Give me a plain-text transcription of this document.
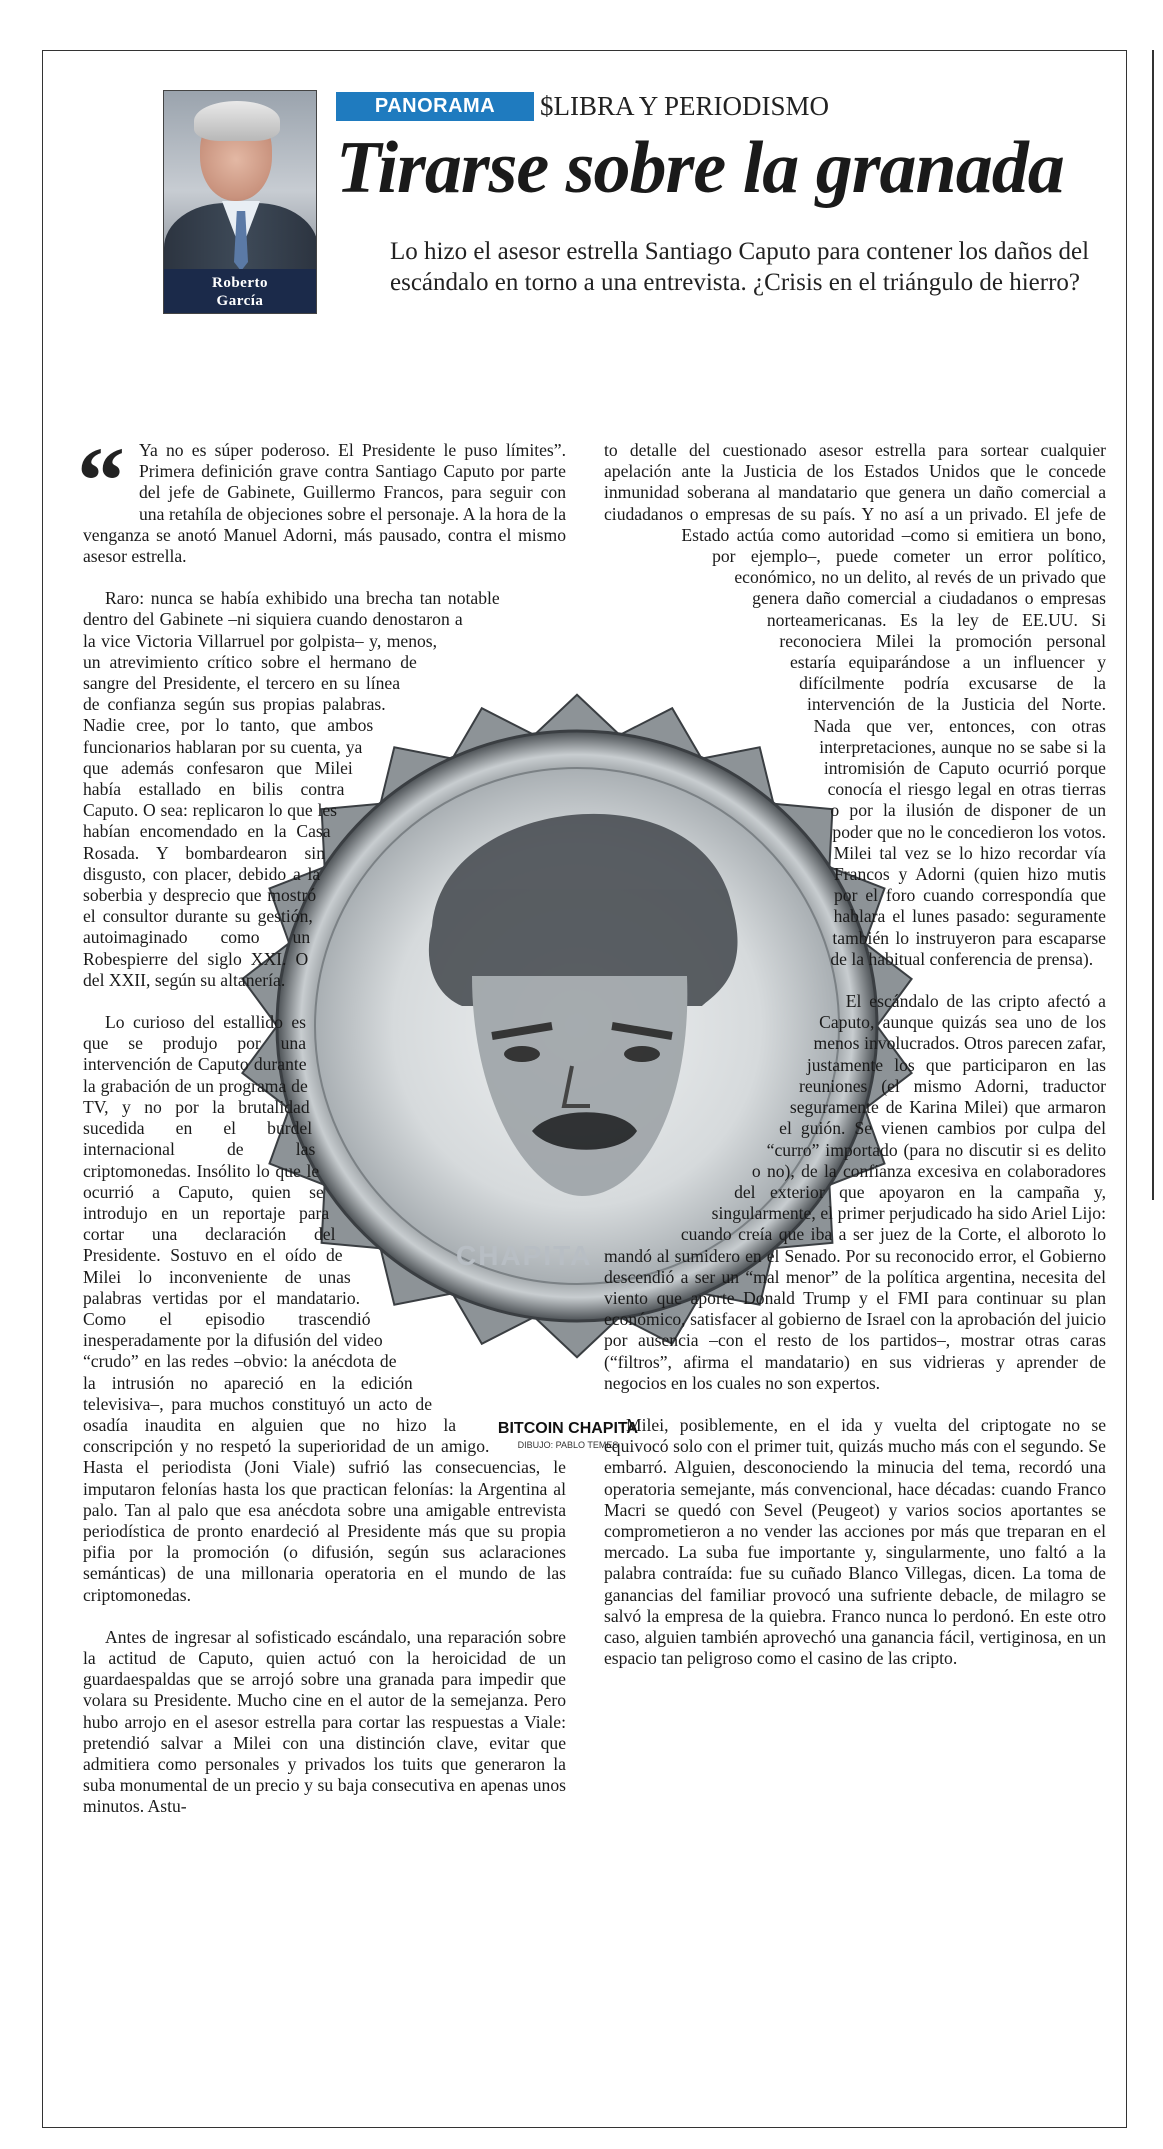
Roberto
García
PANORAMA	$LIBRA Y PERIODISMO
Tirarse sobre la granada

Lo hizo el asesor estrella Santiago Caputo para contener los daños del escándalo en torno a una entrevista. ¿Crisis en el triángulo de hierro?

CHAPITA
BITCOIN CHAPITA
DIBUJO: PABLO TEMES

“ Ya no es súper poderoso. El Presidente le puso límites”. Primera definición grave contra Santiago Caputo por parte del jefe de Gabinete, Guillermo Francos, para seguir con una retahíla de objeciones sobre el personaje. A la hora de la venganza se anotó Manuel Adorni, más pausado, contra el mismo asesor estrella.

Raro: nunca se había exhibido una brecha tan notable dentro del Gabinete –ni siquiera cuando denostaron a la vice Victoria Villarruel por golpista– y, menos, un atrevimiento crítico sobre el hermano de sangre del Presidente, el tercero en su línea de confianza según sus propias palabras. Nadie cree, por lo tanto, que ambos funcionarios hablaran por su cuenta, ya que además confesaron que Milei había estallado en bilis contra Caputo. O sea: replicaron lo que les habían encomendado en la Casa Rosada. Y bombardearon sin disgusto, con placer, debido a la soberbia y desprecio que mostró el consultor durante su gestión, autoimaginado como un Robespierre del siglo XXI. O del XXII, según su altanería.

Lo curioso del estallido es que se produjo por una intervención de Caputo durante la grabación de un programa de TV, y no por la brutalidad sucedida en el burdel internacional de las criptomonedas. Insólito lo que le ocurrió a Caputo, quien se introdujo en un reportaje para cortar una declaración del Presidente. Sostuvo en el oído de Milei lo inconveniente de unas palabras vertidas por el mandatario. Como el episodio trascendió inesperadamente por la difusión del video “crudo” en las redes –obvio: la anécdota de la intrusión no apareció en la edición televisiva–, para muchos constituyó un acto de osadía inaudita en alguien que no hizo la conscripción y no respetó la superioridad de un amigo. Hasta el periodista (Joni Viale) sufrió las consecuencias, le imputaron felonías hasta los que practican felonías: la Argentina al palo. Tan al palo que esa anécdota sobre una amigable entrevista periodística de pronto enardeció al Presidente más que su propia pifia por la promoción (o difusión, según sus aclaraciones semánticas) de una millonaria operatoria en el mundo de las criptomonedas.

Antes de ingresar al sofisticado escándalo, una reparación sobre la actitud de Caputo, quien actuó con la heroicidad de un guardaespaldas que se arrojó sobre una granada para impedir que volara su Presidente. Mucho cine en el autor de la semejanza. Pero hubo arrojo en el asesor estrella para cortar las respuestas a Viale: pretendió salvar a Milei con una distinción clave, evitar que admitiera como personales y privados los tuits que generaron la suba monumental de un precio y su baja consecutiva en apenas unos minutos. Astu-

to detalle del cuestionado asesor estrella para sortear cualquier apelación ante la Justicia de los Estados Unidos que le concede inmunidad soberana al mandatario que genera un daño comercial a ciudadanos o empresas de su país. Y no así a un privado. El jefe de Estado actúa como autoridad –como si emitiera un bono, por ejemplo–, puede cometer un error político, económico, no un delito, al revés de un privado que genera daño comercial a ciudadanos o empresas norteamericanas. Es la ley de EE.UU. Si reconociera Milei la promoción personal estaría equiparándose a un influencer y difícilmente podría excusarse de la intervención de la Justicia del Norte. Nada que ver, entonces, con otras interpretaciones, aunque no se sabe si la intromisión de Caputo ocurrió porque conocía el riesgo legal en otras tierras o por la ilusión de disponer de un poder que no le concedieron los votos. Milei tal vez se lo hizo recordar vía Francos y Adorni (quien hizo mutis por el foro cuando correspondía que hablara el lunes pasado: seguramente también lo instruyeron para escaparse de la habitual conferencia de prensa).

El escándalo de las cripto afectó a Caputo, aunque quizás sea uno de los menos involucrados. Otros parecen zafar, justamente los que participaron en las reuniones (el mismo Adorni, traductor seguramente de Karina Milei) que armaron el guión. Se vienen cambios por culpa del “curro” importado (para no discutir si es delito o no), de la confianza excesiva en colaboradores del exterior que apoyaron en la campaña y, singularmente, el primer perjudicado ha sido Ariel Lijo: cuando creía que iba a ser juez de la Corte, el alboroto lo mandó al sumidero en el Senado. Por su reconocido error, el Gobierno descendió a ser un “mal menor” de la política argentina, necesita del viento que aporte Donald Trump y el FMI para continuar su plan económico, satisfacer al gobierno de Israel con la aprobación del juicio por ausencia –con el resto de los partidos–, mostrar otras caras (“filtros”, afirma el mandatario) en sus vidrieras y aprender de negocios en los cuales no son expertos.

Milei, posiblemente, en el ida y vuelta del criptogate no se equivocó solo con el primer tuit, quizás mucho más con el segundo. Se embarró. Alguien, desconociendo la minucia del tema, recordó una operatoria semejante, más convencional, hace décadas: cuando Franco Macri se quedó con Sevel (Peugeot) y varios socios aportantes se comprometieron a no vender las acciones por más que treparan en el mercado. La suba fue importante y, singularmente, uno faltó a la palabra contraída: fue su cuñado Blanco Villegas, dicen. La toma de ganancias del familiar provocó una sufriente debacle, de milagro se salvó la empresa de la quiebra. Franco nunca lo perdonó. En este otro caso, alguien también aprovechó una ganancia fácil, vertiginosa, en un espacio tan peligroso como el casino de las cripto.
